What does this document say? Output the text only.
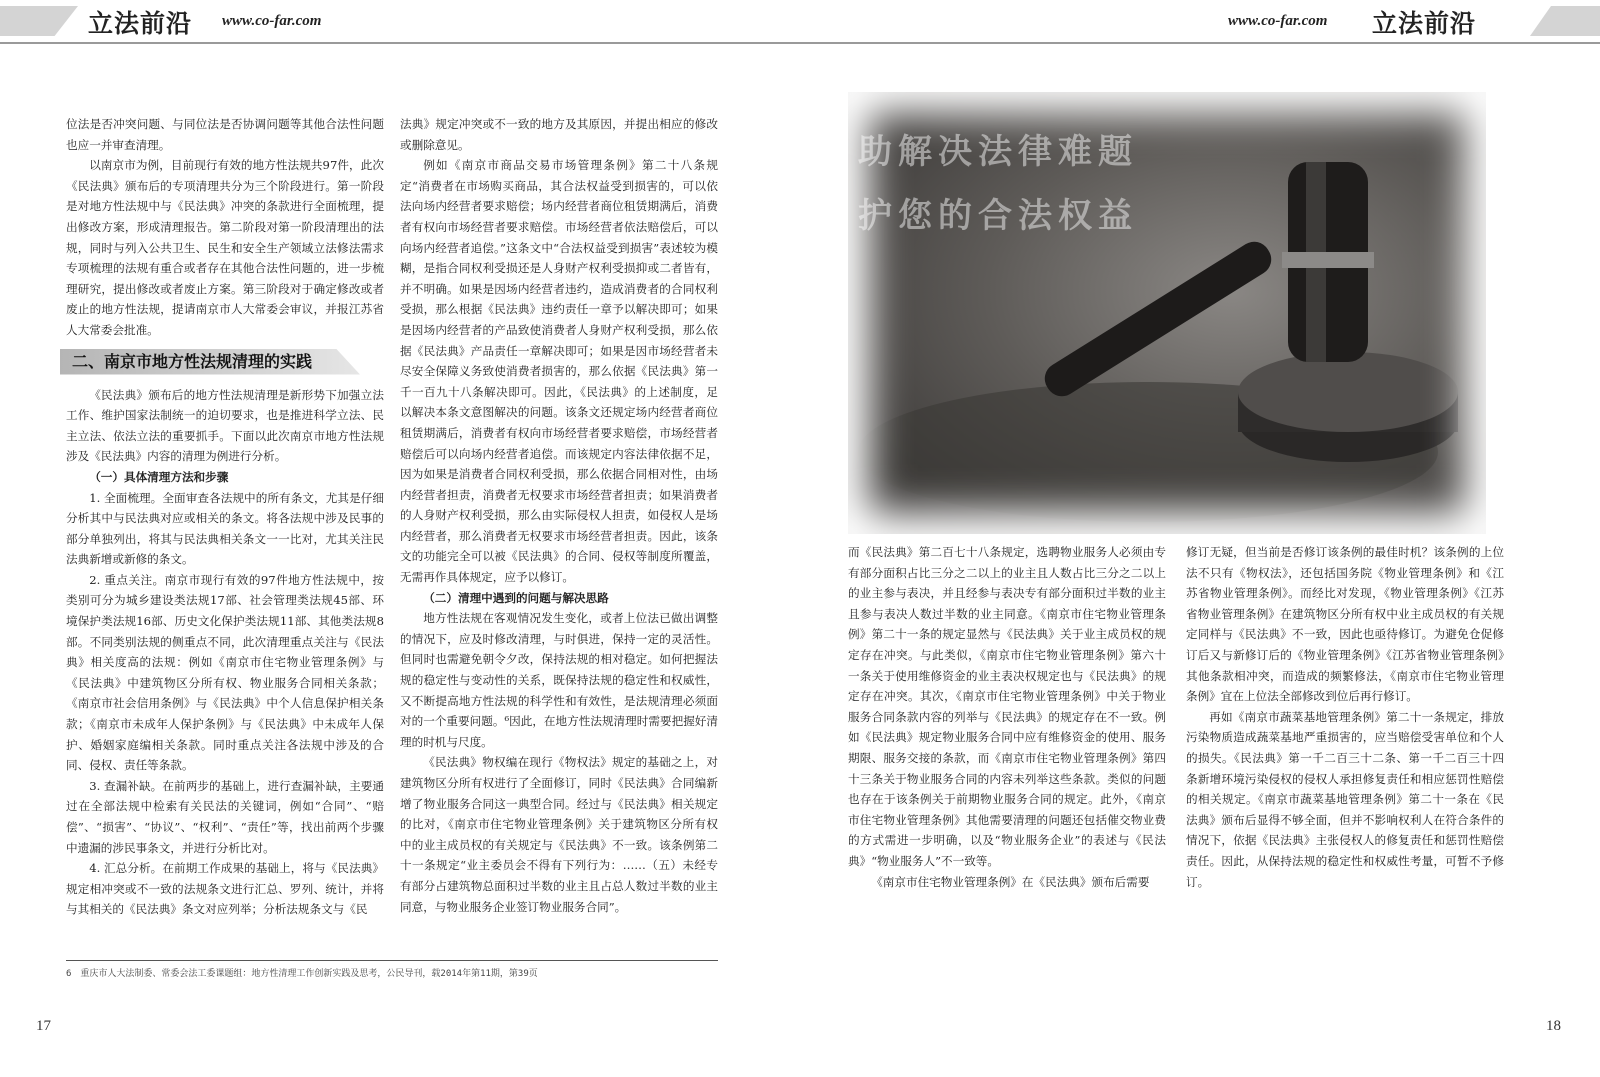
立法前沿 www.co-far.com	www.co-far.com 立法前沿

位法是否冲突问题、与同位法是否协调问题等其他合法性问题也应一并审查清理。

以南京市为例，目前现行有效的地方性法规共97件，此次《民法典》颁布后的专项清理共分为三个阶段进行。第一阶段是对地方性法规中与《民法典》冲突的条款进行全面梳理，提出修改方案，形成清理报告。第二阶段对第一阶段清理出的法规，同时与列入公共卫生、民生和安全生产领域立法修法需求专项梳理的法规有重合或者存在其他合法性问题的，进一步梳理研究，提出修改或者废止方案。第三阶段对于确定修改或者废止的地方性法规，提请南京市人大常委会审议，并报江苏省人大常委会批准。

二、南京市地方性法规清理的实践

《民法典》颁布后的地方性法规清理是新形势下加强立法工作、维护国家法制统一的迫切要求，也是推进科学立法、民主立法、依法立法的重要抓手。下面以此次南京市地方性法规涉及《民法典》内容的清理为例进行分析。

（一）具体清理方法和步骤

1. 全面梳理。全面审查各法规中的所有条文，尤其是仔细分析其中与民法典对应或相关的条文。将各法规中涉及民事的部分单独列出，将其与民法典相关条文一一比对，尤其关注民法典新增或新修的条文。

2. 重点关注。南京市现行有效的97件地方性法规中，按类别可分为城乡建设类法规17部、社会管理类法规45部、环境保护类法规16部、历史文化保护类法规11部、其他类法规8部。不同类别法规的侧重点不同，此次清理重点关注与《民法典》相关度高的法规：例如《南京市住宅物业管理条例》与《民法典》中建筑物区分所有权、物业服务合同相关条款；《南京市社会信用条例》与《民法典》中个人信息保护相关条款；《南京市未成年人保护条例》与《民法典》中未成年人保护、婚姻家庭编相关条款。同时重点关注各法规中涉及的合同、侵权、责任等条款。

3. 查漏补缺。在前两步的基础上，进行查漏补缺，主要通过在全部法规中检索有关民法的关键词，例如“合同”、“赔偿”、“损害”、“协议”、“权利”、“责任”等，找出前两个步骤中遗漏的涉民事条文，并进行分析比对。

4. 汇总分析。在前期工作成果的基础上，将与《民法典》规定相冲突或不一致的法规条文进行汇总、罗列、统计，并将与其相关的《民法典》条文对应列举；分析法规条文与《民

法典》规定冲突或不一致的地方及其原因，并提出相应的修改或删除意见。

例如《南京市商品交易市场管理条例》第二十八条规定“消费者在市场购买商品，其合法权益受到损害的，可以依法向场内经营者要求赔偿；场内经营者商位租赁期满后，消费者有权向市场经营者要求赔偿。市场经营者依法赔偿后，可以向场内经营者追偿。”这条文中“合法权益受到损害”表述较为模糊，是指合同权利受损还是人身财产权利受损抑或二者皆有，并不明确。如果是因场内经营者违约，造成消费者的合同权利受损，那么根据《民法典》违约责任一章予以解决即可；如果是因场内经营者的产品致使消费者人身财产权利受损，那么依据《民法典》产品责任一章解决即可；如果是因市场经营者未尽安全保障义务致使消费者损害的，那么依据《民法典》第一千一百九十八条解决即可。因此，《民法典》的上述制度，足以解决本条文意图解决的问题。该条文还规定场内经营者商位租赁期满后，消费者有权向市场经营者要求赔偿，市场经营者赔偿后可以向场内经营者追偿。而该规定内容法律依据不足，因为如果是消费者合同权利受损，那么依据合同相对性，由场内经营者担责，消费者无权要求市场经营者担责；如果消费者的人身财产权利受损，那么由实际侵权人担责，如侵权人是场内经营者，那么消费者无权要求市场经营者担责。因此，该条文的功能完全可以被《民法典》的合同、侵权等制度所覆盖，无需再作具体规定，应予以修订。

（二）清理中遇到的问题与解决思路

地方性法规在客观情况发生变化，或者上位法已做出调整的情况下，应及时修改清理，与时俱进，保持一定的灵活性。但同时也需避免朝令夕改，保持法规的相对稳定。如何把握法规的稳定性与变动性的关系，既保持法规的稳定性和权威性，又不断提高地方性法规的科学性和有效性，是法规清理必须面对的一个重要问题。⁶因此，在地方性法规清理时需要把握好清理的时机与尺度。

《民法典》物权编在现行《物权法》规定的基础之上，对建筑物区分所有权进行了全面修订，同时《民法典》合同编新增了物业服务合同这一典型合同。经过与《民法典》相关规定的比对，《南京市住宅物业管理条例》关于建筑物区分所有权中的业主成员权的有关规定与《民法典》不一致。该条例第二十一条规定“业主委员会不得有下列行为：……（五）未经专有部分占建筑物总面积过半数的业主且占总人数过半数的业主同意，与物业服务企业签订物业服务合同”。

6　重庆市人大法制委、常委会法工委课题组：地方性清理工作创新实践及思考，公民导刊，载2014年第11期，第39页
17
助解决法律难题
护您的合法权益

而《民法典》第二百七十八条规定，选聘物业服务人必须由专有部分面积占比三分之二以上的业主且人数占比三分之二以上的业主参与表决，并且经参与表决专有部分面积过半数的业主且参与表决人数过半数的业主同意。《南京市住宅物业管理条例》第二十一条的规定显然与《民法典》关于业主成员权的规定存在冲突。与此类似，《南京市住宅物业管理条例》第六十一条关于使用维修资金的业主表决权规定也与《民法典》的规定存在冲突。其次，《南京市住宅物业管理条例》中关于物业服务合同条款内容的列举与《民法典》的规定存在不一致。例如《民法典》规定物业服务合同中应有维修资金的使用、服务期限、服务交接的条款，而《南京市住宅物业管理条例》第四十三条关于物业服务合同的内容未列举这些条款。类似的问题也存在于该条例关于前期物业服务合同的规定。此外，《南京市住宅物业管理条例》其他需要清理的问题还包括催交物业费的方式需进一步明确，以及“物业服务企业”的表述与《民法典》“物业服务人”不一致等。

《南京市住宅物业管理条例》在《民法典》颁布后需要

修订无疑，但当前是否修订该条例的最佳时机？该条例的上位法不只有《物权法》，还包括国务院《物业管理条例》和《江苏省物业管理条例》。而经比对发现，《物业管理条例》《江苏省物业管理条例》在建筑物区分所有权中业主成员权的有关规定同样与《民法典》不一致，因此也亟待修订。为避免仓促修订后又与新修订后的《物业管理条例》《江苏省物业管理条例》其他条款相冲突，而造成的频繁修法，《南京市住宅物业管理条例》宜在上位法全部修改到位后再行修订。

再如《南京市蔬菜基地管理条例》第二十一条规定，排放污染物质造成蔬菜基地严重损害的，应当赔偿受害单位和个人的损失。《民法典》第一千二百三十二条、第一千二百三十四条新增环境污染侵权的侵权人承担修复责任和相应惩罚性赔偿的相关规定。《南京市蔬菜基地管理条例》第二十一条在《民法典》颁布后显得不够全面，但并不影响权利人在符合条件的情况下，依据《民法典》主张侵权人的修复责任和惩罚性赔偿责任。因此，从保持法规的稳定性和权威性考量，可暂不予修订。

18
